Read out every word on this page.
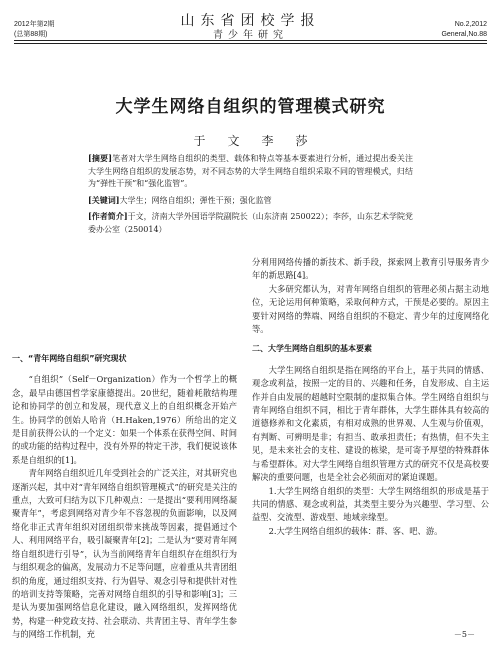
2012年第2期
(总第88期)
山东省团校学报
青少年研究
No.2,2012
General,No.88
大学生网络自组织的管理模式研究
于文李莎

[摘要]笔者对大学生网络自组织的类型、载体和特点等基本要素进行分析，通过提出委关注大学生网络自组织的发展态势，对不同态势的大学生网络自组织采取不同的管理模式，归结为“弹性干预”和“强化监管”。

[关键词]大学生；网络自组织；弹性干预；强化监管

[作者简介]于文，济南大学外国语学院副院长（山东济南 250022）；李莎，山东艺术学院党委办公室（250014）

一、“青年网络自组织”研究现状

“自组织”（Self－Organization）作为一个哲学上的概念，最早由德国哲学家康德提出。20世纪，随着耗散结构理论和协同学的创立和发展，现代意义上的自组织概念开始产生。协同学的创始人哈肯（H.Haken,1976）所给出的定义是目前获得公认的一个定义：如果一个体系在获得空间、时间的或功能的结构过程中，没有外界的特定干涉，我们便说该体系是自组织的[1]。

青年网络自组织近几年受到社会的广泛关注，对其研究也逐渐兴起，其中对“青年网络自组织管理模式”的研究是关注的重点，大致可归结为以下几种观点：一是提出“要利用网络凝聚青年”，考虑到网络对青少年不容忽视的负面影响，以及网络化非正式青年组织对团组织带来挑战等因素，提倡通过个人、利用网络平台，吸引凝聚青年[2]；二是认为“要对青年网络自组织进行引导”，认为当前网络青年自组织存在组织行为与组织观念的偏离，发展动力不足等问题，应着重从共青团组织的角度，通过组织支持、行为倡导、观念引导和提供针对性的培训支持等策略，完善对网络自组织的引导和影响[3]；三是认为要加强网络信息化建设，融入网络组织，发挥网络优势，构建一种党政支持、社会联动、共青团主导、青年学生参与的网络工作机制，充

分利用网络传播的新技术、新手段，探索网上教育引导服务青少年的新思路[4]。

大多研究都认为，对青年网络自组织的管理必须占据主动地位，无论运用何种策略，采取何种方式，干预是必要的。原因主要针对网络的弊端、网络自组织的不稳定、青少年的过度网络化等。

二、大学生网络自组织的基本要素

大学生网络自组织是指在网络的平台上，基于共同的情感、观念或利益，按照一定的目的、兴趣和任务，自发形成、自主运作并自由发展的超越时空限制的虚拟集合体。学生网络自组织与青年网络自组织不同，相比于青年群体，大学生群体具有较高的道德修养和文化素质，有相对成熟的世界观、人生观与价值观，有判断、可辨明是非；有担当、敢承担责任；有热情，但不失主见，是未来社会的支柱、建设的栋梁，是可寄予厚望的特殊群体与希望群体。对大学生网络自组织管理方式的研究不仅是高校要解决的重要问题，也是全社会必须面对的紧迫课题。

1.大学生网络自组织的类型：大学生网络组织的形成是基于共同的情感、观念或利益，其类型主要分为兴趣型、学习型、公益型、交流型、游戏型、地域亲缘型。

2.大学生网络自组织的载体：群、客、吧、游。

－5－
